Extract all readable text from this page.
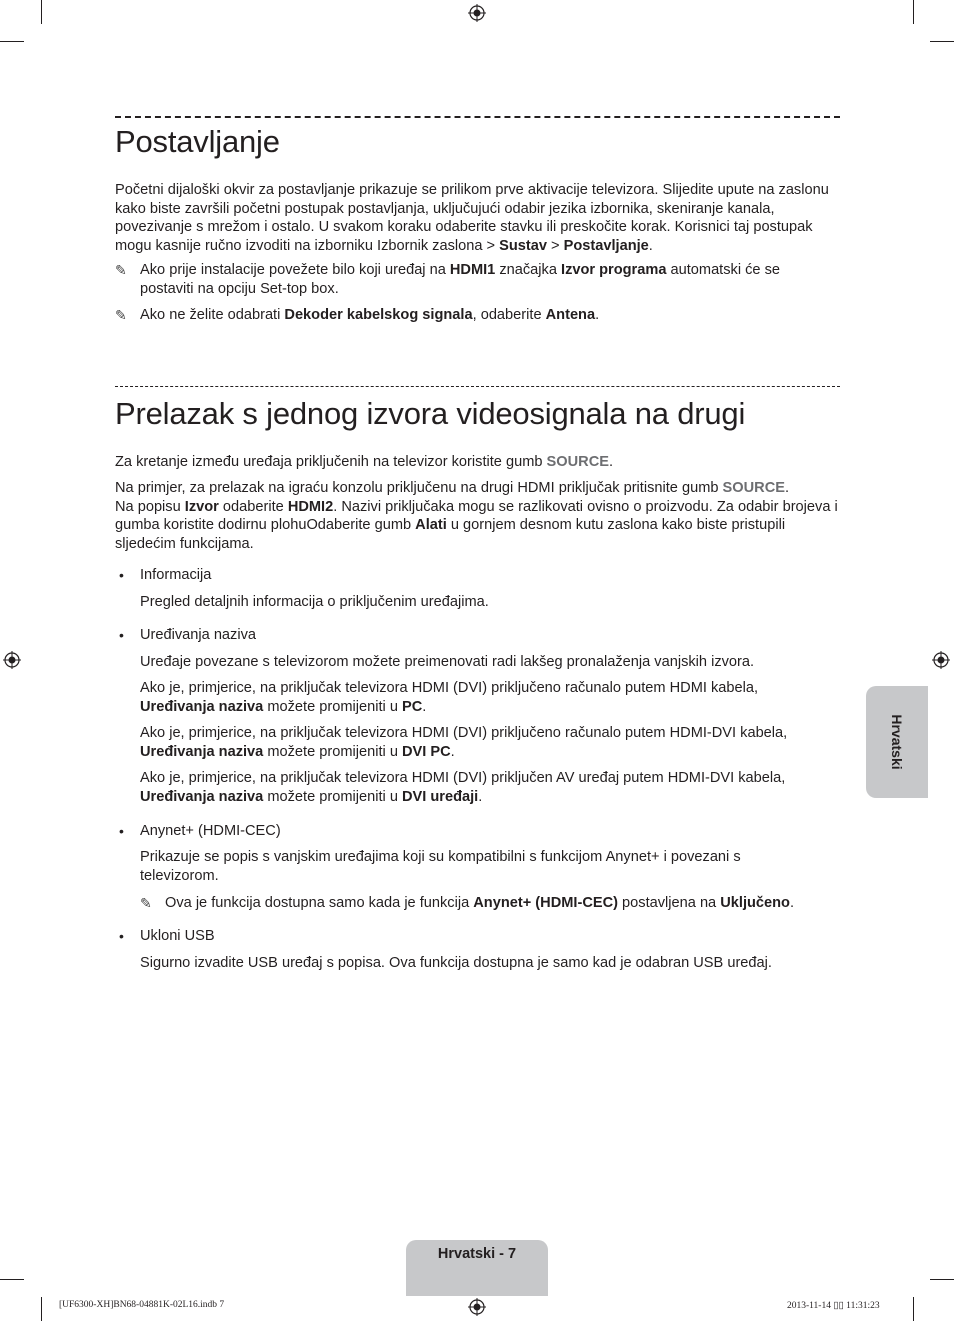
Postavljanje

Početni dijaloški okvir za postavljanje prikazuje se prilikom prve aktivacije televizora. Slijedite upute na zaslonu kako biste završili početni postupak postavljanja, uključujući odabir jezika izbornika, skeniranje kanala, povezivanje s mrežom i ostalo. U svakom koraku odaberite stavku ili preskočite korak. Korisnici taj postupak mogu kasnije ručno izvoditi na izborniku Izbornik zaslona > Sustav > Postavljanje.

✎ Ako prije instalacije povežete bilo koji uređaj na HDMI1 značajka Izvor programa automatski će se
postaviti na opciju Set-top box.
✎ Ako ne želite odabrati Dekoder kabelskog signala, odaberite Antena.
Prelazak s jednog izvora videosignala na drugi

Za kretanje između uređaja priključenih na televizor koristite gumb SOURCE.

Na primjer, za prelazak na igraću konzolu priključenu na drugi HDMI priključak pritisnite gumb SOURCE.
Na popisu Izvor odaberite HDMI2. Nazivi priključaka mogu se razlikovati ovisno o proizvodu. Za odabir brojeva i gumba koristite dodirnu plohuOdaberite gumb Alati u gornjem desnom kutu zaslona kako biste pristupili sljedećim funkcijama.

• Informacija
Pregled detaljnih informacija o priključenim uređajima.
• Uređivanja naziva
Uređaje povezane s televizorom možete preimenovati radi lakšeg pronalaženja vanjskih izvora.
Ako je, primjerice, na priključak televizora HDMI (DVI) priključeno računalo putem HDMI kabela,
Uređivanja naziva možete promijeniti u PC.
Ako je, primjerice, na priključak televizora HDMI (DVI) priključeno računalo putem HDMI-DVI kabela,
Uređivanja naziva možete promijeniti u DVI PC.
Ako je, primjerice, na priključak televizora HDMI (DVI) priključen AV uređaj putem HDMI-DVI kabela,
Uređivanja naziva možete promijeniti u DVI uređaji.
• Anynet+ (HDMI-CEC)
Prikazuje se popis s vanjskim uređajima koji su kompatibilni s funkcijom Anynet+ i povezani s televizorom.
✎ Ova je funkcija dostupna samo kada je funkcija Anynet+ (HDMI-CEC) postavljena na Uključeno.
• Ukloni USB
Sigurno izvadite USB uređaj s popisa. Ova funkcija dostupna je samo kad je odabran USB uređaj.
Hrvatski
Hrvatski - 7
[UF6300-XH]BN68-04881K-02L16.indb 7	2013-11-14 ▯▯ 11:31:23
